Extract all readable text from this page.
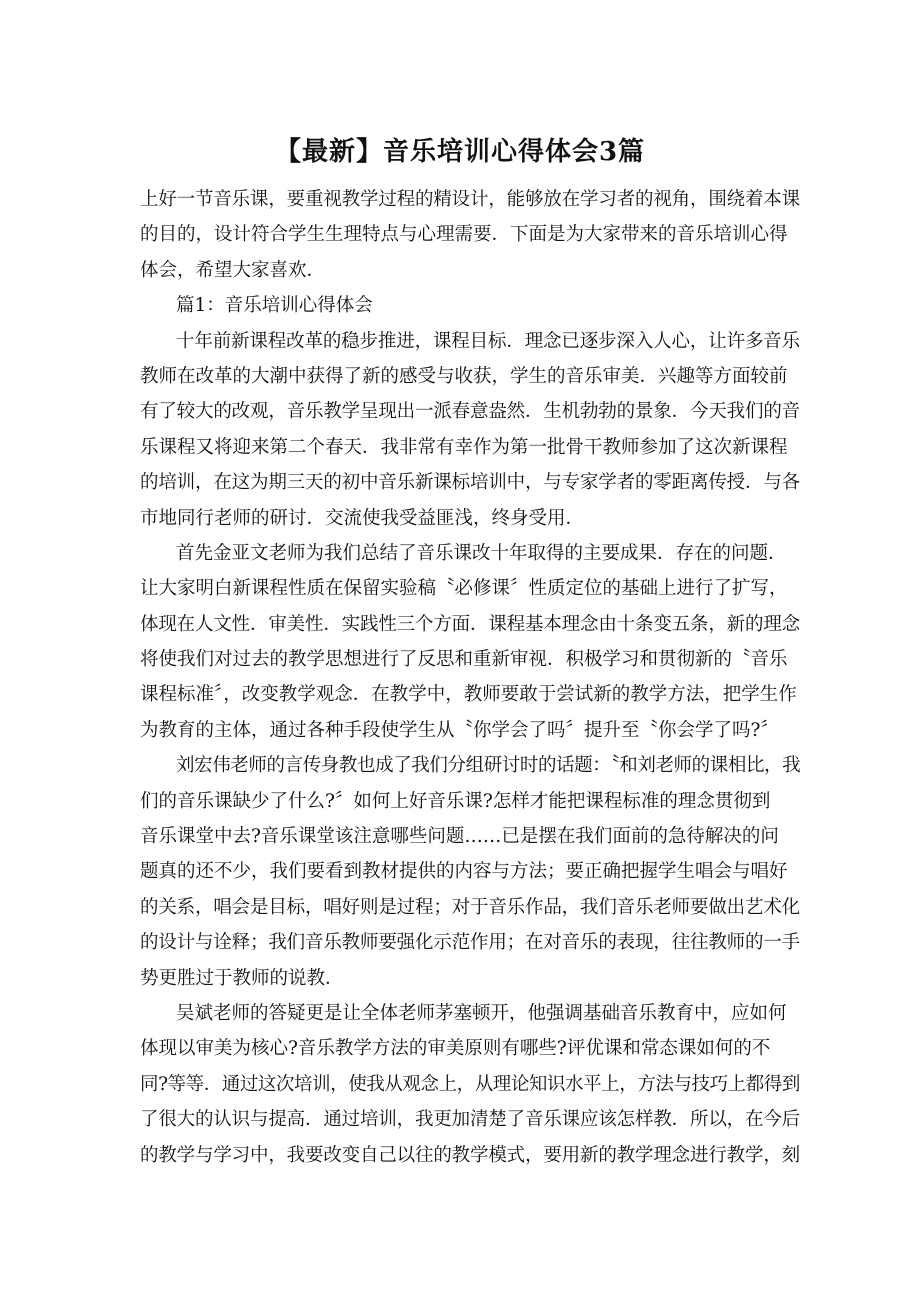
【最新】音乐培训心得体会3篇
上好一节音乐课，要重视教学过程的精设计，能够放在学习者的视角，围绕着本课
的目的，设计符合学生生理特点与心理需要．下面是为大家带来的音乐培训心得
体会，希望大家喜欢．
篇1：音乐培训心得体会
十年前新课程改革的稳步推进，课程目标．理念已逐步深入人心，让许多音乐
教师在改革的大潮中获得了新的感受与收获，学生的音乐审美．兴趣等方面较前
有了较大的改观，音乐教学呈现出一派春意盎然．生机勃勃的景象．今天我们的音
乐课程又将迎来第二个春天．我非常有幸作为第一批骨干教师参加了这次新课程
的培训，在这为期三天的初中音乐新课标培训中，与专家学者的零距离传授．与各
市地同行老师的研讨．交流使我受益匪浅，终身受用．
首先金亚文老师为我们总结了音乐课改十年取得的主要成果．存在的问题．
让大家明白新课程性质在保留实验稿〝必修课〞性质定位的基础上进行了扩写，
体现在人文性．审美性．实践性三个方面．课程基本理念由十条变五条，新的理念
将使我们对过去的教学思想进行了反思和重新审视．积极学习和贯彻新的〝音乐
课程标准〞，改变教学观念．在教学中，教师要敢于尝试新的教学方法，把学生作
为教育的主体，通过各种手段使学生从〝你学会了吗〞提升至〝你会学了吗?〞
刘宏伟老师的言传身教也成了我们分组研讨时的话题：〝和刘老师的课相比，我
们的音乐课缺少了什么?〞如何上好音乐课?怎样才能把课程标准的理念贯彻到
音乐课堂中去?音乐课堂该注意哪些问题……已是摆在我们面前的急待解决的问
题真的还不少，我们要看到教材提供的内容与方法；要正确把握学生唱会与唱好
的关系，唱会是目标，唱好则是过程；对于音乐作品，我们音乐老师要做出艺术化
的设计与诠释；我们音乐教师要强化示范作用；在对音乐的表现，往往教师的一手
势更胜过于教师的说教．
吴斌老师的答疑更是让全体老师茅塞顿开，他强调基础音乐教育中，应如何
体现以审美为核心?音乐教学方法的审美原则有哪些?评优课和常态课如何的不
同?等等．通过这次培训，使我从观念上，从理论知识水平上，方法与技巧上都得到
了很大的认识与提高．通过培训，我更加清楚了音乐课应该怎样教．所以，在今后
的教学与学习中，我要改变自己以往的教学模式，要用新的教学理念进行教学，刻
